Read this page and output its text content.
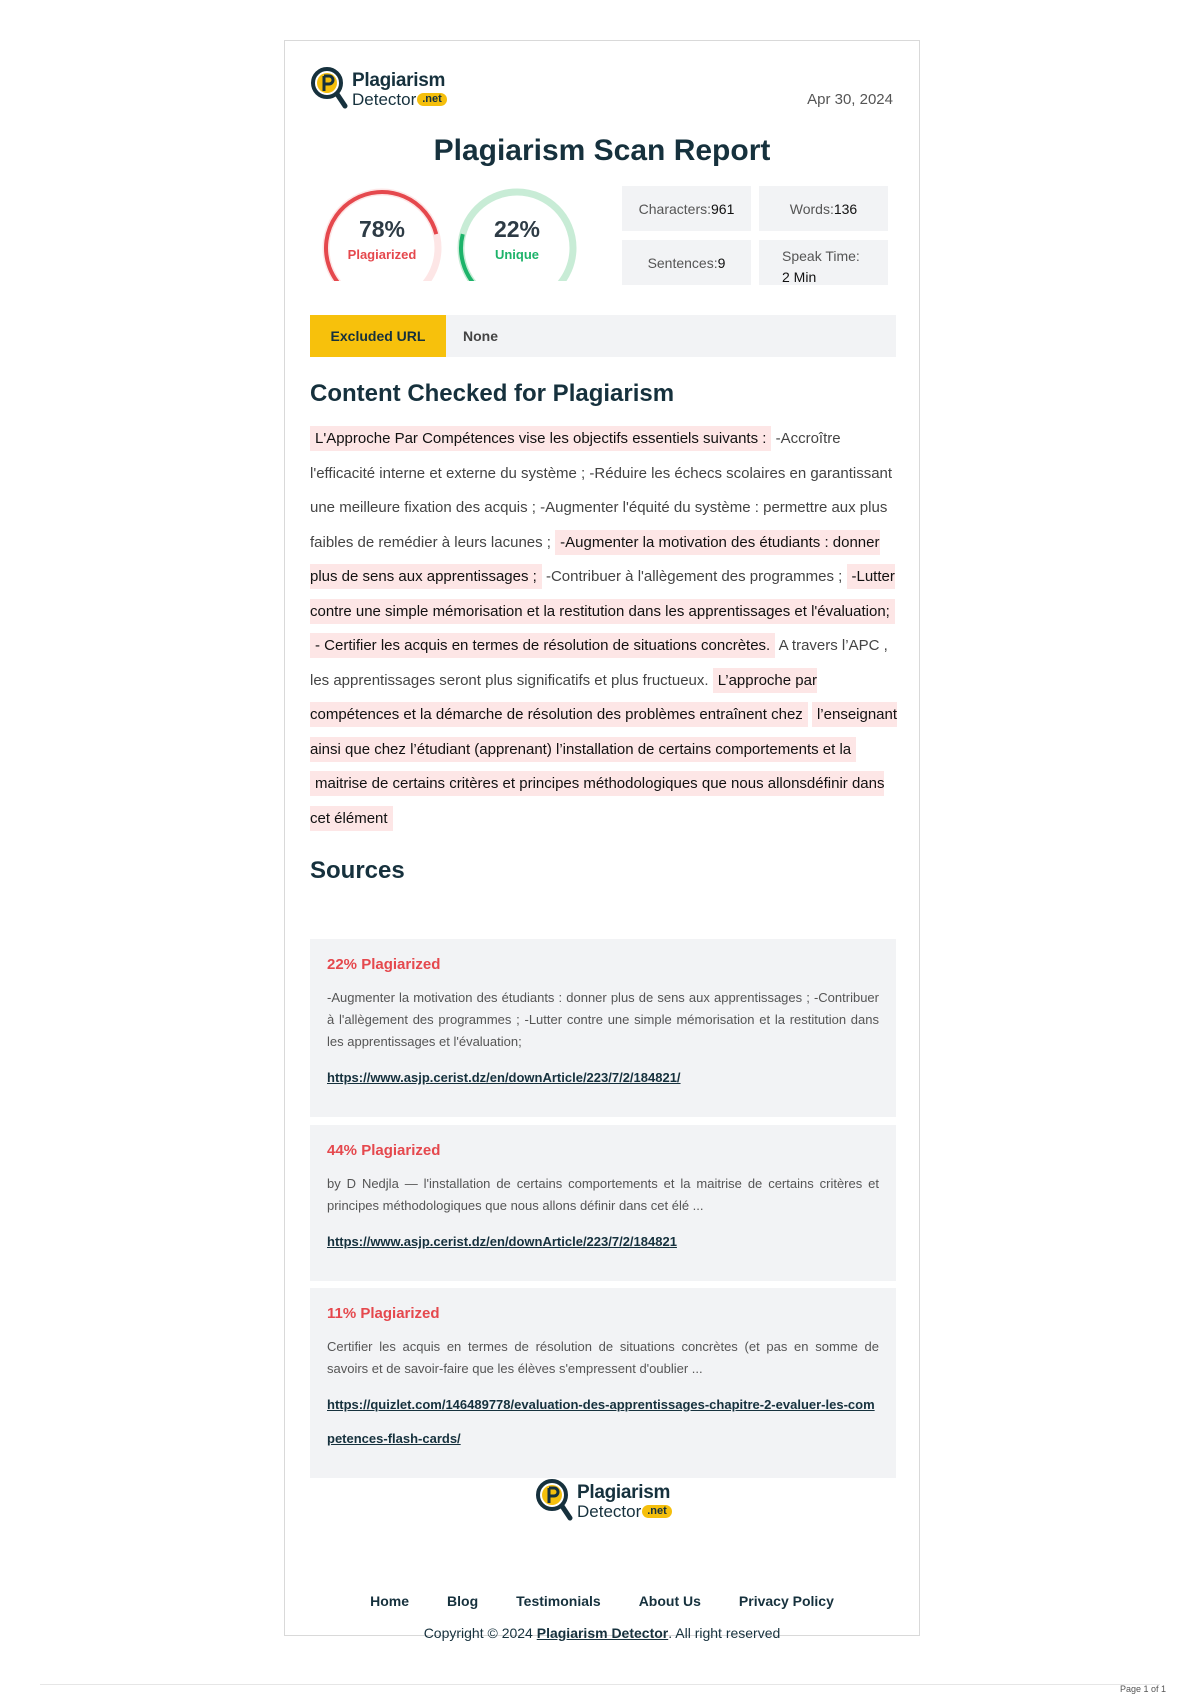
Plagiarism
Detector .net	Apr 30, 2024
Plagiarism Scan Report
78%
Plagiarized
22%
Unique
Characters: 961	Words: 136
Sentences: 9	Speak Time:
2 Min
Excluded URL	None
Content Checked for Plagiarism
L'Approche Par Compétences vise les objectifs essentiels suivants : -Accroître l'efficacité interne et externe du système ; -Réduire les échecs scolaires en garantissant une meilleure fixation des acquis ; -Augmenter l'équité du système : permettre aux plus faibles de remédier à leurs lacunes ; -Augmenter la motivation des étudiants : donner plus de sens aux apprentissages ; -Contribuer à l'allègement des programmes ; -Lutter contre une simple mémorisation et la restitution dans les apprentissages et l'évaluation; - Certifier les acquis en termes de résolution de situations concrètes. A travers l’APC , les apprentissages seront plus significatifs et plus fructueux. L’approche par compétences et la démarche de résolution des problèmes entraînent chez l’enseignant ainsi que chez l’étudiant (apprenant) l’installation de certains comportements et la maitrise de certains critères et principes méthodologiques que nous allonsdéfinir dans cet élément
Sources
22% Plagiarized
-Augmenter la motivation des étudiants : donner plus de sens aux apprentissages ; -Contribuer à l'allègement des programmes ; -Lutter contre une simple mémorisation et la restitution dans les apprentissages et l'évaluation;
https://www.asjp.cerist.dz/en/downArticle/223/7/2/184821/
44% Plagiarized
by D Nedjla — l'installation de certains comportements et la maitrise de certains critères et principes méthodologiques que nous allons définir dans cet élé ...
https://www.asjp.cerist.dz/en/downArticle/223/7/2/184821
11% Plagiarized
Certifier les acquis en termes de résolution de situations concrètes (et pas en somme de savoirs et de savoir-faire que les élèves s'empressent d'oublier ...
https://quizlet.com/146489778/evaluation-des-apprentissages-chapitre-2-evaluer-les-competences-flash-cards/
Plagiarism
Detector .net
Home	Blog	Testimonials	About Us	Privacy Policy
Copyright © 2024 Plagiarism Detector. All right reserved
Page 1 of 1
